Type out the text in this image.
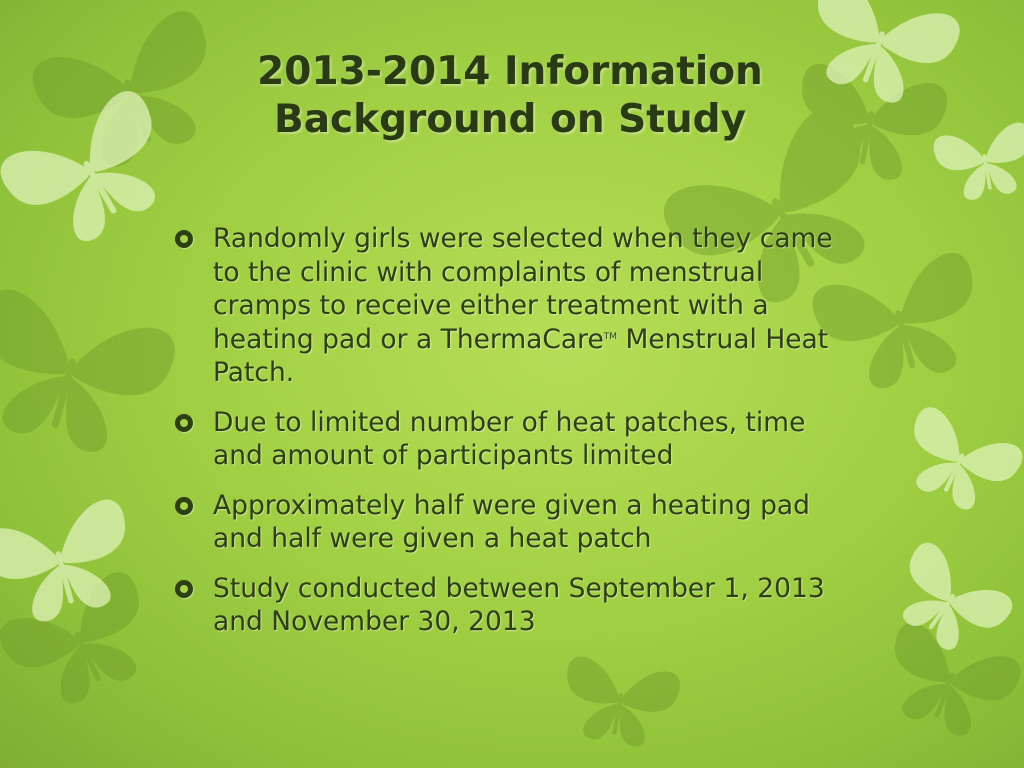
2013-2014 Information
Background on Study
Randomly girls were selected when they came to the clinic with complaints of menstrual cramps to receive either treatment with a heating pad or a ThermaCare™ Menstrual Heat Patch.
Due to limited number of heat patches, time and amount of participants limited
Approximately half were given a heating pad and half were given a heat patch
Study conducted between September 1, 2013 and November 30, 2013
